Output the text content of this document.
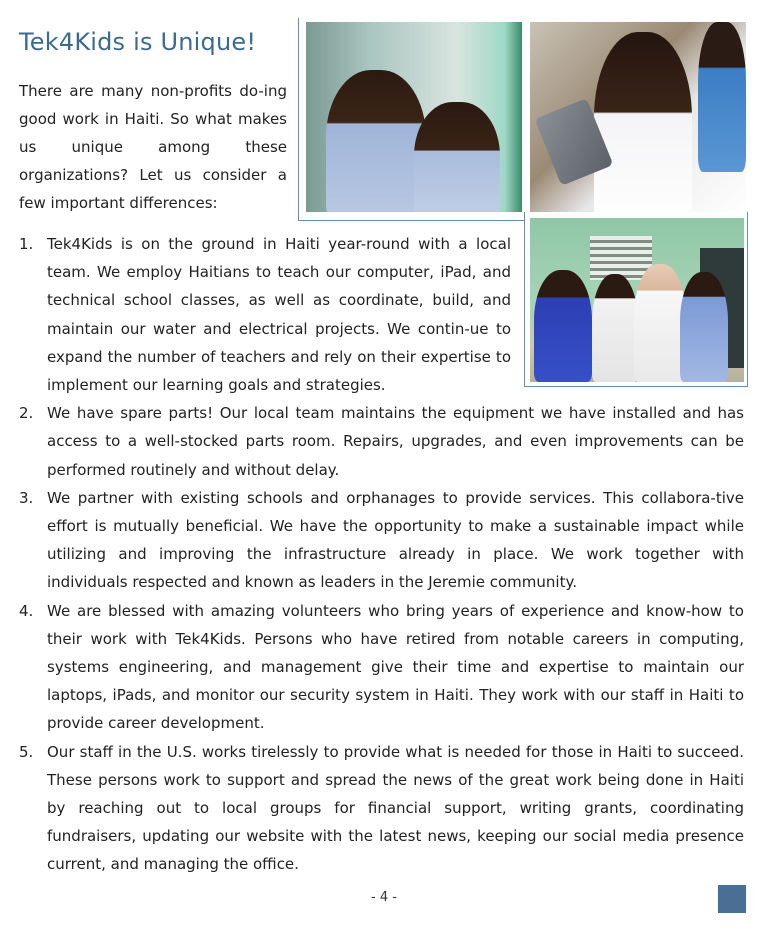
Tek4Kids is Unique!

There are many non-profits do-ing good work in Haiti. So what makes us unique among these organizations? Let us consider a few important differences:

1. Tek4Kids is on the ground in Haiti year-round with a local team. We employ Haitians to teach our computer, iPad, and technical school classes, as well as coordinate, build, and maintain our water and electrical projects. We contin-ue to expand the number of teachers and rely on their expertise to implement our learning goals and strategies.
2. We have spare parts! Our local team maintains the equipment we have installed and has access to a well-stocked parts room. Repairs, upgrades, and even improvements can be performed routinely and without delay.
3. We partner with existing schools and orphanages to provide services. This collabora-tive effort is mutually beneficial. We have the opportunity to make a sustainable impact while utilizing and improving the infrastructure already in place. We work together with individuals respected and known as leaders in the Jeremie community.
4. We are blessed with amazing volunteers who bring years of experience and know-how to their work with Tek4Kids. Persons who have retired from notable careers in computing, systems engineering, and management give their time and expertise to maintain our laptops, iPads, and monitor our security system in Haiti. They work with our staff in Haiti to provide career development.
5. Our staff in the U.S. works tirelessly to provide what is needed for those in Haiti to succeed. These persons work to support and spread the news of the great work being done in Haiti by reaching out to local groups for financial support, writing grants, coordinating fundraisers, updating our website with the latest news, keeping our social media presence current, and managing the office.
- 4 -
